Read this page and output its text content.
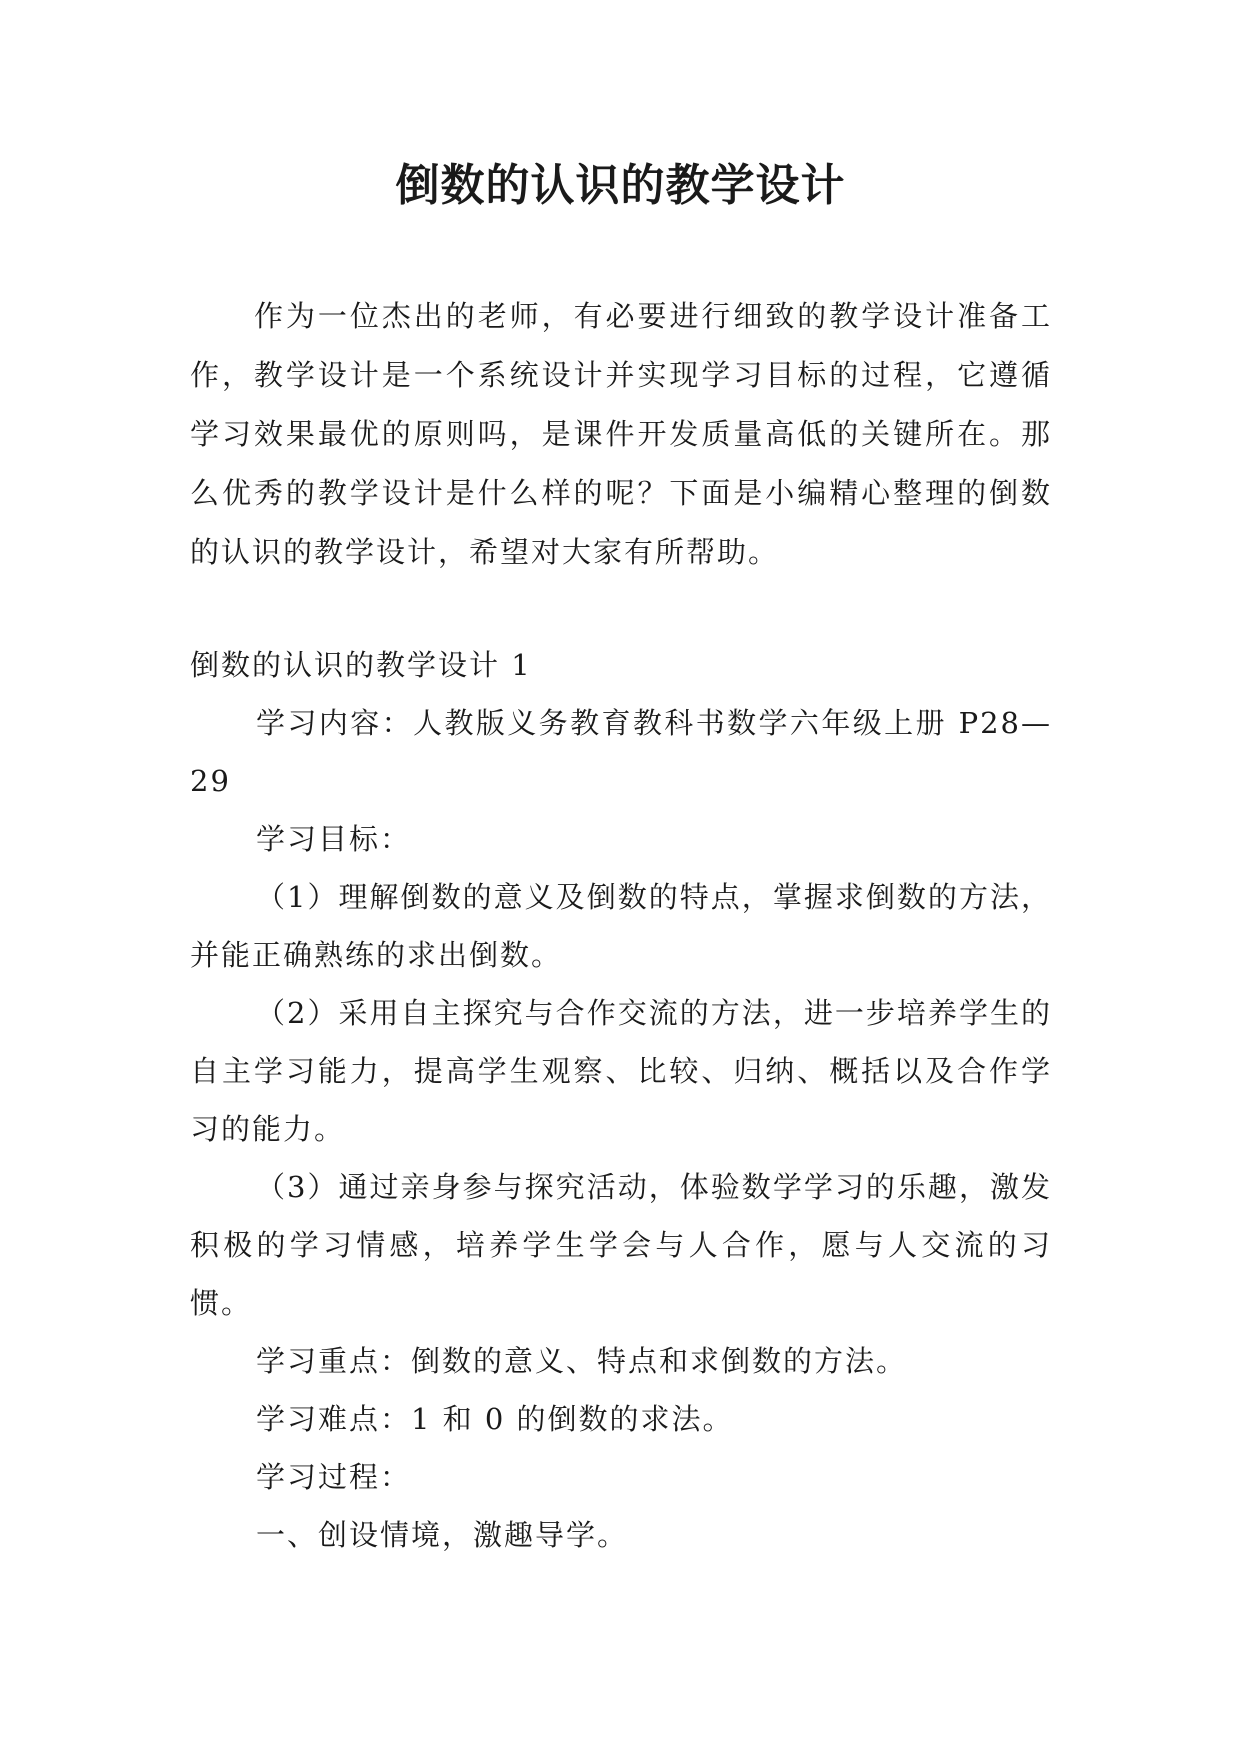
倒数的认识的教学设计
作为一位杰出的老师，有必要进行细致的教学设计准备工作，教学设计是一个系统设计并实现学习目标的过程，它遵循学习效果最优的原则吗，是课件开发质量高低的关键所在。那么优秀的教学设计是什么样的呢？下面是小编精心整理的倒数的认识的教学设计，希望对大家有所帮助。

倒数的认识的教学设计 1

学习内容：人教版义务教育教科书数学六年级上册 P28—29

学习目标：

（1）理解倒数的意义及倒数的特点，掌握求倒数的方法，并能正确熟练的求出倒数。

（2）采用自主探究与合作交流的方法，进一步培养学生的自主学习能力，提高学生观察、比较、归纳、概括以及合作学习的能力。

（3）通过亲身参与探究活动，体验数学学习的乐趣，激发积极的学习情感，培养学生学会与人合作，愿与人交流的习惯。

学习重点：倒数的意义、特点和求倒数的方法。

学习难点：1 和 0 的倒数的求法。

学习过程：

一、创设情境，激趣导学。
